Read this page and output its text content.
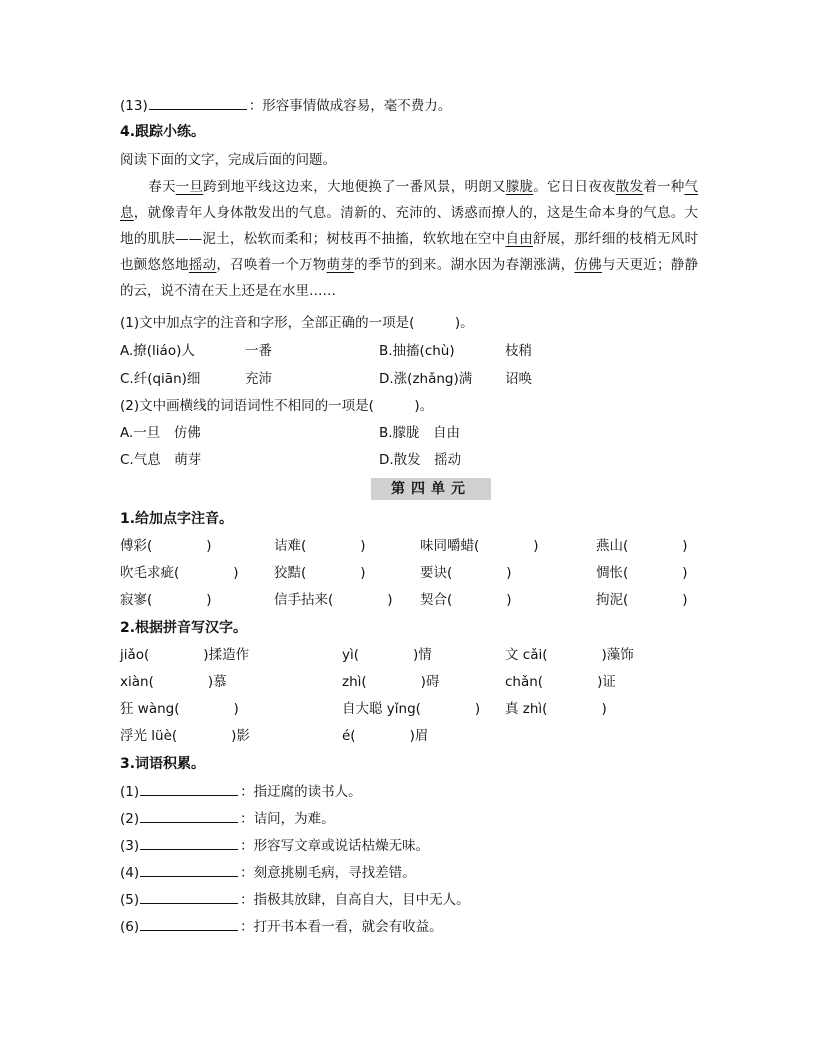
(13)	：形容事情做成容易，毫不费力。
4.跟踪小练。
阅读下面的文字，完成后面的问题。
春天一旦跨到地平线这边来，大地便换了一番风景，明朗又朦胧。它日日夜夜散发着一种气息，就像青年人身体散发出的气息。清新的、充沛的、诱惑而撩人的，这是生命本身的气息。大地的肌肤——泥土，松软而柔和；树枝再不抽搐，软软地在空中自由舒展，那纤细的枝梢无风时也颤悠悠地摇动，召唤着一个万物萌芽的季节的到来。湖水因为春潮涨满，仿佛与天更近；静静的云，说不清在天上还是在水里……
(1)文中加点字的注音和字形，全部正确的一项是(　　　)。
A.撩(liáo)人	一番	B.抽搐(chù)	枝稍
C.纤(qiān)细	充沛	D.涨(zhǎng)满 诏唤
(2)文中画横线的词语词性不相同的一项是(　　　)。
A.一旦　仿佛	B.朦胧　自由
C.气息　萌芽	D.散发　摇动
第四单元
1.给加点字注音。
傅彩(　　　　)	诘难(　　　　)	味同嚼蜡(　　　　)	燕山(　　　　)
吹毛求疵(　　　　)	狡黠(　　　　)	要诀(　　　　)	惆怅(　　　　)
寂寥(　　　　)	信手拈来(　　　　) 契合(　　　　)	拘泥(　　　　)
2.根据拼音写汉字。
jiǎo(　　　　)揉造作	yì(　　　　)情	文 cǎi(　　　　)藻饰
xiàn(　　　　)慕	zhì(　　　　)碍	chǎn(　　　　)证
狂 wàng(　　　　)	自大聪 yǐng(　　　　) 真 zhì(　　　　)
浮光 lüè(　　　　)影	é(　　　　)眉
3.词语积累。
(1)	：指迂腐的读书人。
(2)	：诘问，为难。
(3)	：形容写文章或说话枯燥无味。
(4)	：刻意挑剔毛病，寻找差错。
(5)	：指极其放肆，自高自大，目中无人。
(6)	：打开书本看一看，就会有收益。
